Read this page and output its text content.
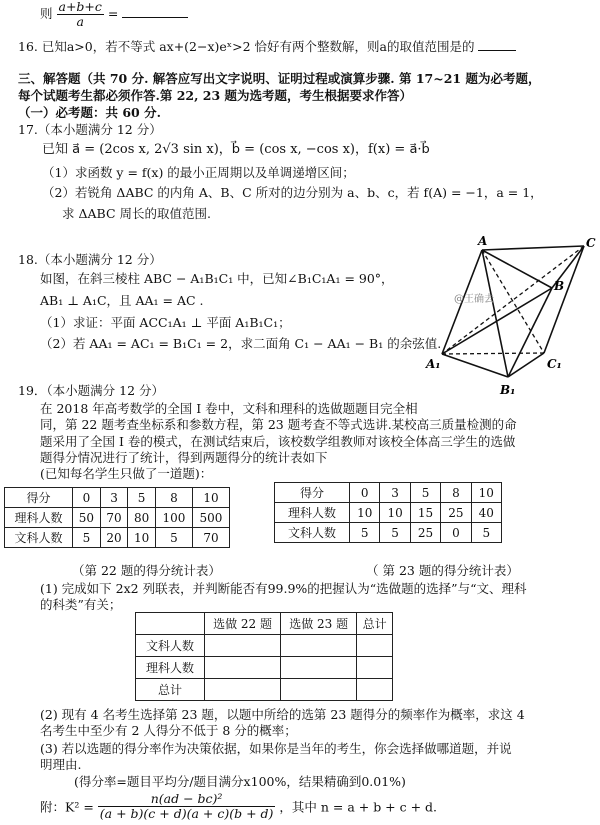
则 $\frac{a+b+c}{a}$ =
16. 已知a>0，若不等式 ax+(2−x)eˣ>2 恰好有两个整数解，则a的取值范围是的
三、解答题（共 70 分. 解答应写出文字说明、证明过程或演算步骤. 第 17~21 题为必考题，
每个试题考生都必须作答.第 22, 23 题为选考题，考生根据要求作答）
（一）必考题：共 60 分.
17.（本小题满分 12 分）
已知 a⃗ = (2cos x, 2√3 sin x)，b⃗ = (cos x, −cos x)，f(x) = a⃗·b⃗
（1）求函数 y = f(x) 的最小正周期以及单调递增区间；
（2）若锐角 ΔABC 的内角 A、B、C 所对的边分别为 a、b、c，若 f(A) = −1，a = 1，
求 ΔABC 周长的取值范围.
18.（本小题满分 12 分）
如图，在斜三棱柱 ABC − A₁B₁C₁ 中，已知∠B₁C₁A₁ = 90°，
AB₁ ⊥ A₁C，且 AA₁ = AC .
（1）求证：平面 ACC₁A₁ ⊥ 平面 A₁B₁C₁；
（2）若 AA₁ = AC₁ = B₁C₁ = 2，求二面角 C₁ − AA₁ − B₁ 的余弦值.
A	C
B
A₁	C₁
B₁
@王确去
19．（本小题满分 12 分）
在 2018 年高考数学的全国 I 卷中，文科和理科的选做题题目完全相
同，第 22 题考查坐标系和参数方程，第 23 题考查不等式选讲.某校高三质量检测的命
题采用了全国 I 卷的模式，在测试结束后，该校数学组教师对该校全体高三学生的选做
题得分情况进行了统计，得到两题得分的统计表如下
(已知每名学生只做了一道题)：
得分	0	3	5	8	10
理科人数	50	70	80	100	500
文科人数	5	20	10	5	70
（第 22 题的得分统计表）
得分	0	3	5	8	10
理科人数	10	10	15	25	40
文科人数	5	5	25	0	5
（ 第 23 题的得分统计表）
(1) 完成如下 2x2 列联表，并判断能否有99.9%的把握认为“选做题的选择”与“文、理科
的科类”有关；
	选做 22 题	选做 23 题	总计
文科人数			
理科人数			
总计			
(2) 现有 4 名考生选择第 23 题，以题中所给的选第 23 题得分的频率作为概率，求这 4
名考生中至少有 2 人得分不低于 8 分的概率；
(3) 若以选题的得分率作为决策依据，如果你是当年的考生，你会选择做哪道题，并说
明理由.
(得分率=题目平均分/题目满分x100%，结果精确到0.01%)
附：$K^2 = \frac{\text{n(ad − bc)²}}{(a + b)(c + d)(a + c)(b + d)}$ ，其中 n = a + b + c + d.
